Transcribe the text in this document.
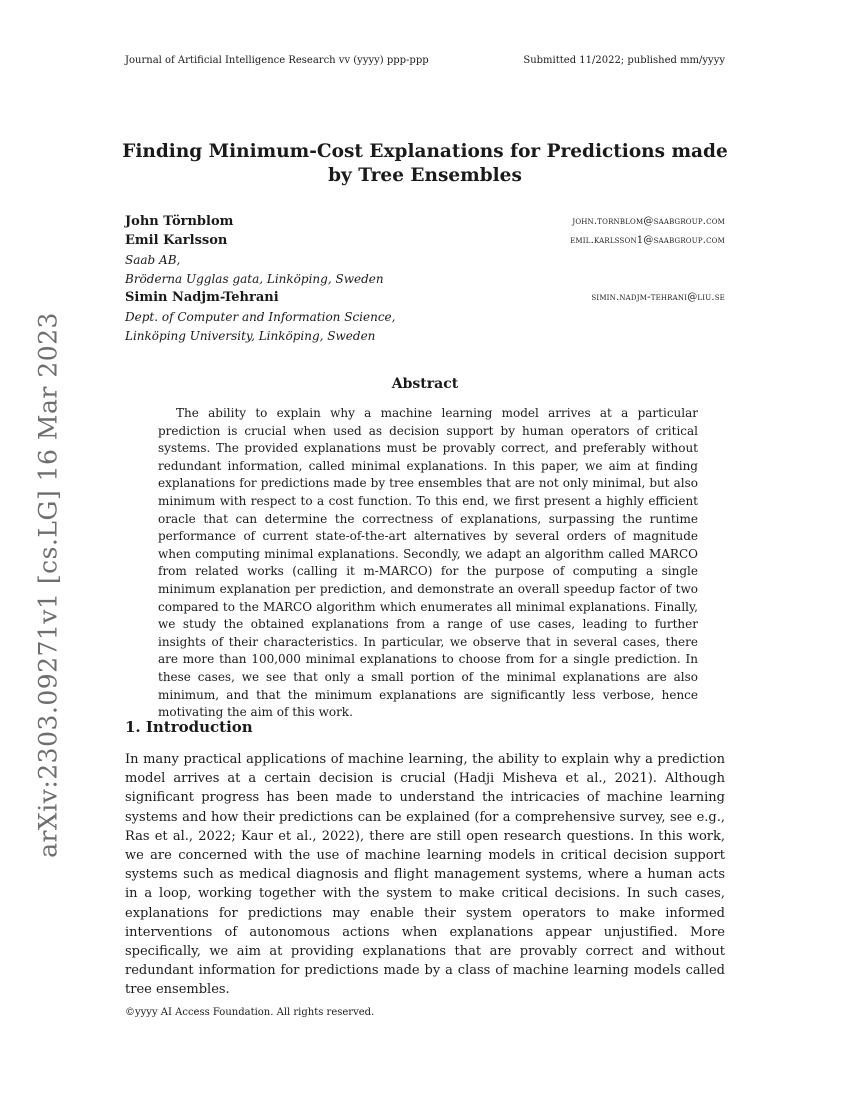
Journal of Artificial Intelligence Research vv (yyyy) ppp-ppp	Submitted 11/2022; published mm/yyyy
arXiv:2303.09271v1 [cs.LG] 16 Mar 2023
Finding Minimum-Cost Explanations for Predictions made by Tree Ensembles
John Törnblom	john.tornblom@saabgroup.com
Emil Karlsson	emil.karlsson1@saabgroup.com
Saab AB,
Bröderna Ugglas gata, Linköping, Sweden
Simin Nadjm-Tehrani	simin.nadjm-tehrani@liu.se
Dept. of Computer and Information Science,
Linköping University, Linköping, Sweden
Abstract

The ability to explain why a machine learning model arrives at a particular prediction is crucial when used as decision support by human operators of critical systems. The provided explanations must be provably correct, and preferably without redundant information, called minimal explanations. In this paper, we aim at finding explanations for predictions made by tree ensembles that are not only minimal, but also minimum with respect to a cost function. To this end, we first present a highly efficient oracle that can determine the correctness of explanations, surpassing the runtime performance of current state-of-the-art alternatives by several orders of magnitude when computing minimal explanations. Secondly, we adapt an algorithm called MARCO from related works (calling it m-MARCO) for the purpose of computing a single minimum explanation per prediction, and demonstrate an overall speedup factor of two compared to the MARCO algorithm which enumerates all minimal explanations. Finally, we study the obtained explanations from a range of use cases, leading to further insights of their characteristics. In particular, we observe that in several cases, there are more than 100,000 minimal explanations to choose from for a single prediction. In these cases, we see that only a small portion of the minimal explanations are also minimum, and that the minimum explanations are significantly less verbose, hence motivating the aim of this work.

1. Introduction

In many practical applications of machine learning, the ability to explain why a prediction model arrives at a certain decision is crucial (Hadji Misheva et al., 2021). Although significant progress has been made to understand the intricacies of machine learning systems and how their predictions can be explained (for a comprehensive survey, see e.g., Ras et al., 2022; Kaur et al., 2022), there are still open research questions. In this work, we are concerned with the use of machine learning models in critical decision support systems such as medical diagnosis and flight management systems, where a human acts in a loop, working together with the system to make critical decisions. In such cases, explanations for predictions may enable their system operators to make informed interventions of autonomous actions when explanations appear unjustified. More specifically, we aim at providing explanations that are provably correct and without redundant information for predictions made by a class of machine learning models called tree ensembles.

©yyyy AI Access Foundation. All rights reserved.
